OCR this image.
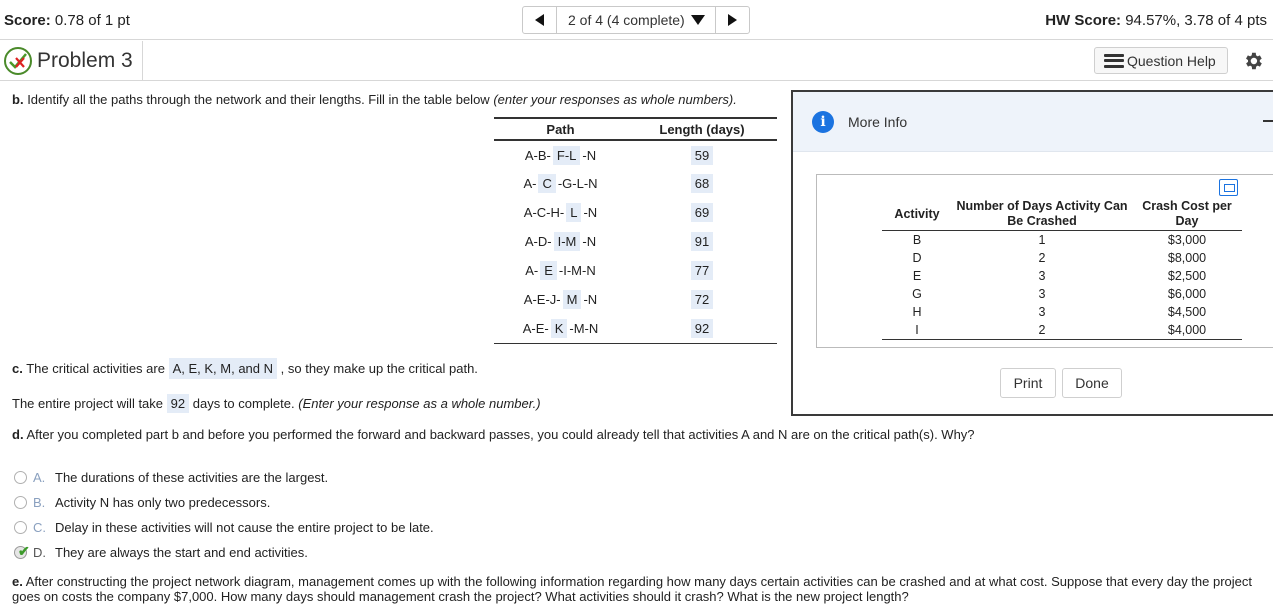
Score: 0.78 of 1 pt	2 of 4 (4 complete)	HW Score: 94.57%, 3.78 of 4 pts
Problem 3	Question Help
b. Identify all the paths through the network and their lengths. Fill in the table below (enter your responses as whole numbers).
Path	Length (days)
A-B- F-L -N	59
A- C -G-L-N	68
A-C-H- L -N	69
A-D- I-M -N	91
A- E -I-M-N	77
A-E-J- M -N	72
A-E- K -M-N	92
c. The critical activities are A, E, K, M, and N , so they make up the critical path.
The entire project will take 92 days to complete. (Enter your response as a whole number.)
d. After you completed part b and before you performed the forward and backward passes, you could already tell that activities A and N are on the critical path(s). Why?
A. The durations of these activities are the largest.
B. Activity N has only two predecessors.
C. Delay in these activities will not cause the entire project to be late.
✔ D. They are always the start and end activities.
e. After constructing the project network diagram, management comes up with the following information regarding how many days certain activities can be crashed and at what cost. Suppose that every day the project goes on costs the company $7,000. How many days should management crash the project? What activities should it crash? What is the new project length?
i	More Info
Activity	Number of Days Activity Can Be Crashed	Crash Cost per Day
B	1	$3,000
D	2	$8,000
E	3	$2,500
G	3	$6,000
H	3	$4,500
I	2	$4,000
Print	Done
